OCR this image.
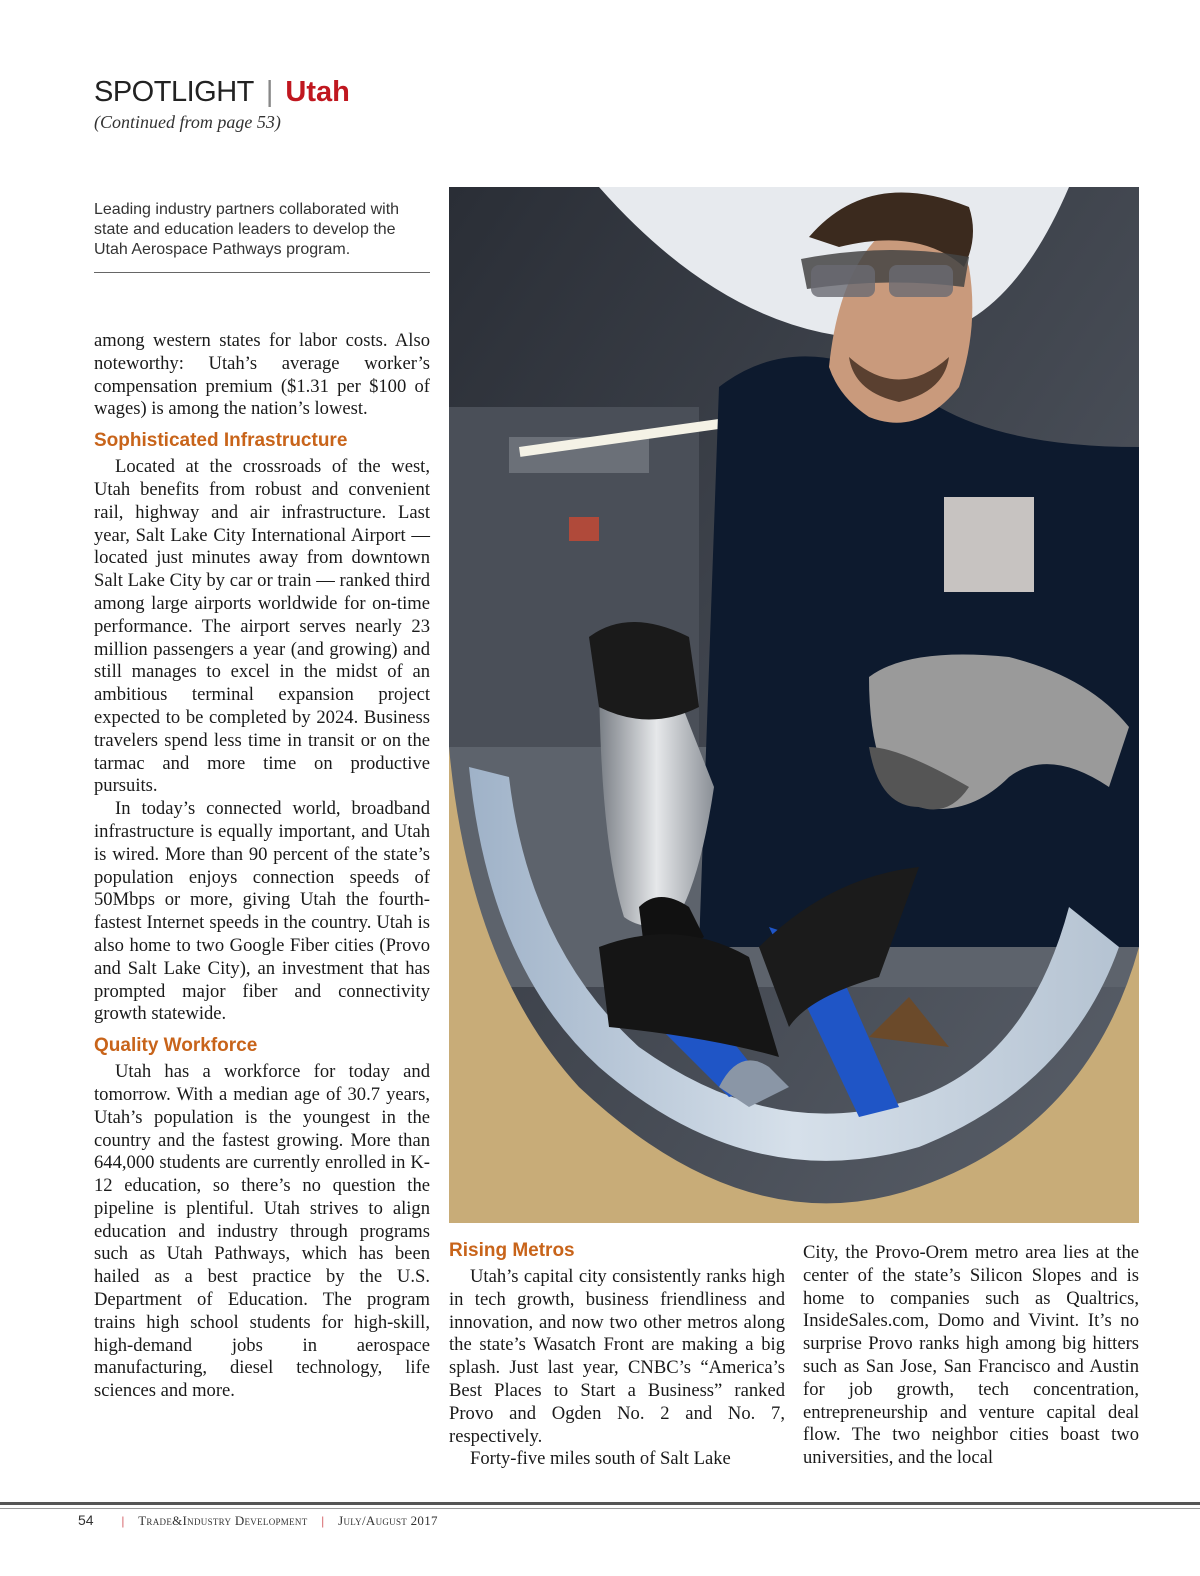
SPOTLIGHT | Utah
(Continued from page 53)
Leading industry partners collaborated with state and education leaders to develop the Utah Aerospace Pathways program.

among western states for labor costs. Also noteworthy: Utah’s average worker’s compensation premium ($1.31 per $100 of wages) is among the nation’s lowest.

Sophisticated Infrastructure

Located at the crossroads of the west, Utah benefits from robust and convenient rail, highway and air infrastructure. Last year, Salt Lake City International Airport — located just minutes away from downtown Salt Lake City by car or train — ranked third among large airports worldwide for on-time performance. The airport serves nearly 23 million passengers a year (and growing) and still manages to excel in the midst of an ambitious terminal expansion project expected to be completed by 2024. Business travelers spend less time in transit or on the tarmac and more time on productive pursuits.

In today’s connected world, broadband infrastructure is equally important, and Utah is wired. More than 90 percent of the state’s population enjoys connection speeds of 50Mbps or more, giving Utah the fourth-fastest Internet speeds in the country. Utah is also home to two Google Fiber cities (Provo and Salt Lake City), an investment that has prompted major fiber and connectivity growth statewide.

Quality Workforce

Utah has a workforce for today and tomorrow. With a median age of 30.7 years, Utah’s population is the youngest in the country and the fastest growing. More than 644,000 students are currently enrolled in K-12 education, so there’s no question the pipeline is plentiful. Utah strives to align education and industry through programs such as Utah Pathways, which has been hailed as a best practice by the U.S. Department of Education. The program trains high school students for high-skill, high-demand jobs in aerospace manufacturing, diesel technology, life sciences and more.

Rising Metros

Utah’s capital city consistently ranks high in tech growth, business friendliness and innovation, and now two other metros along the state’s Wasatch Front are making a big splash. Just last year, CNBC’s “America’s Best Places to Start a Business” ranked Provo and Ogden No. 2 and No. 7, respectively.

Forty-five miles south of Salt Lake

City, the Provo-Orem metro area lies at the center of the state’s Silicon Slopes and is home to companies such as Qualtrics, InsideSales.com, Domo and Vivint. It’s no surprise Provo ranks high among big hitters such as San Jose, San Francisco and Austin for job growth, tech concentration, entrepreneurship and venture capital deal flow. The two neighbor cities boast two universities, and the local

54 | Trade&Industry Development | July/August 2017
